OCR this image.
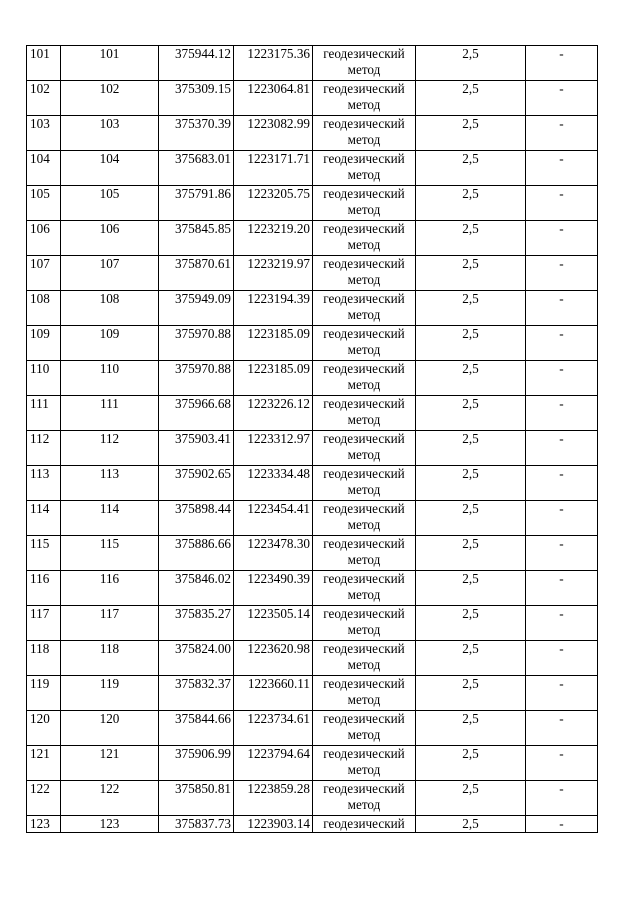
101	101	375944.12	1223175.36	геодезический метод	2,5	-
102	102	375309.15	1223064.81	геодезический метод	2,5	-
103	103	375370.39	1223082.99	геодезический метод	2,5	-
104	104	375683.01	1223171.71	геодезический метод	2,5	-
105	105	375791.86	1223205.75	геодезический метод	2,5	-
106	106	375845.85	1223219.20	геодезический метод	2,5	-
107	107	375870.61	1223219.97	геодезический метод	2,5	-
108	108	375949.09	1223194.39	геодезический метод	2,5	-
109	109	375970.88	1223185.09	геодезический метод	2,5	-
110	110	375970.88	1223185.09	геодезический метод	2,5	-
111	111	375966.68	1223226.12	геодезический метод	2,5	-
112	112	375903.41	1223312.97	геодезический метод	2,5	-
113	113	375902.65	1223334.48	геодезический метод	2,5	-
114	114	375898.44	1223454.41	геодезический метод	2,5	-
115	115	375886.66	1223478.30	геодезический метод	2,5	-
116	116	375846.02	1223490.39	геодезический метод	2,5	-
117	117	375835.27	1223505.14	геодезический метод	2,5	-
118	118	375824.00	1223620.98	геодезический метод	2,5	-
119	119	375832.37	1223660.11	геодезический метод	2,5	-
120	120	375844.66	1223734.61	геодезический метод	2,5	-
121	121	375906.99	1223794.64	геодезический метод	2,5	-
122	122	375850.81	1223859.28	геодезический метод	2,5	-
123	123	375837.73	1223903.14	геодезический	2,5	-
